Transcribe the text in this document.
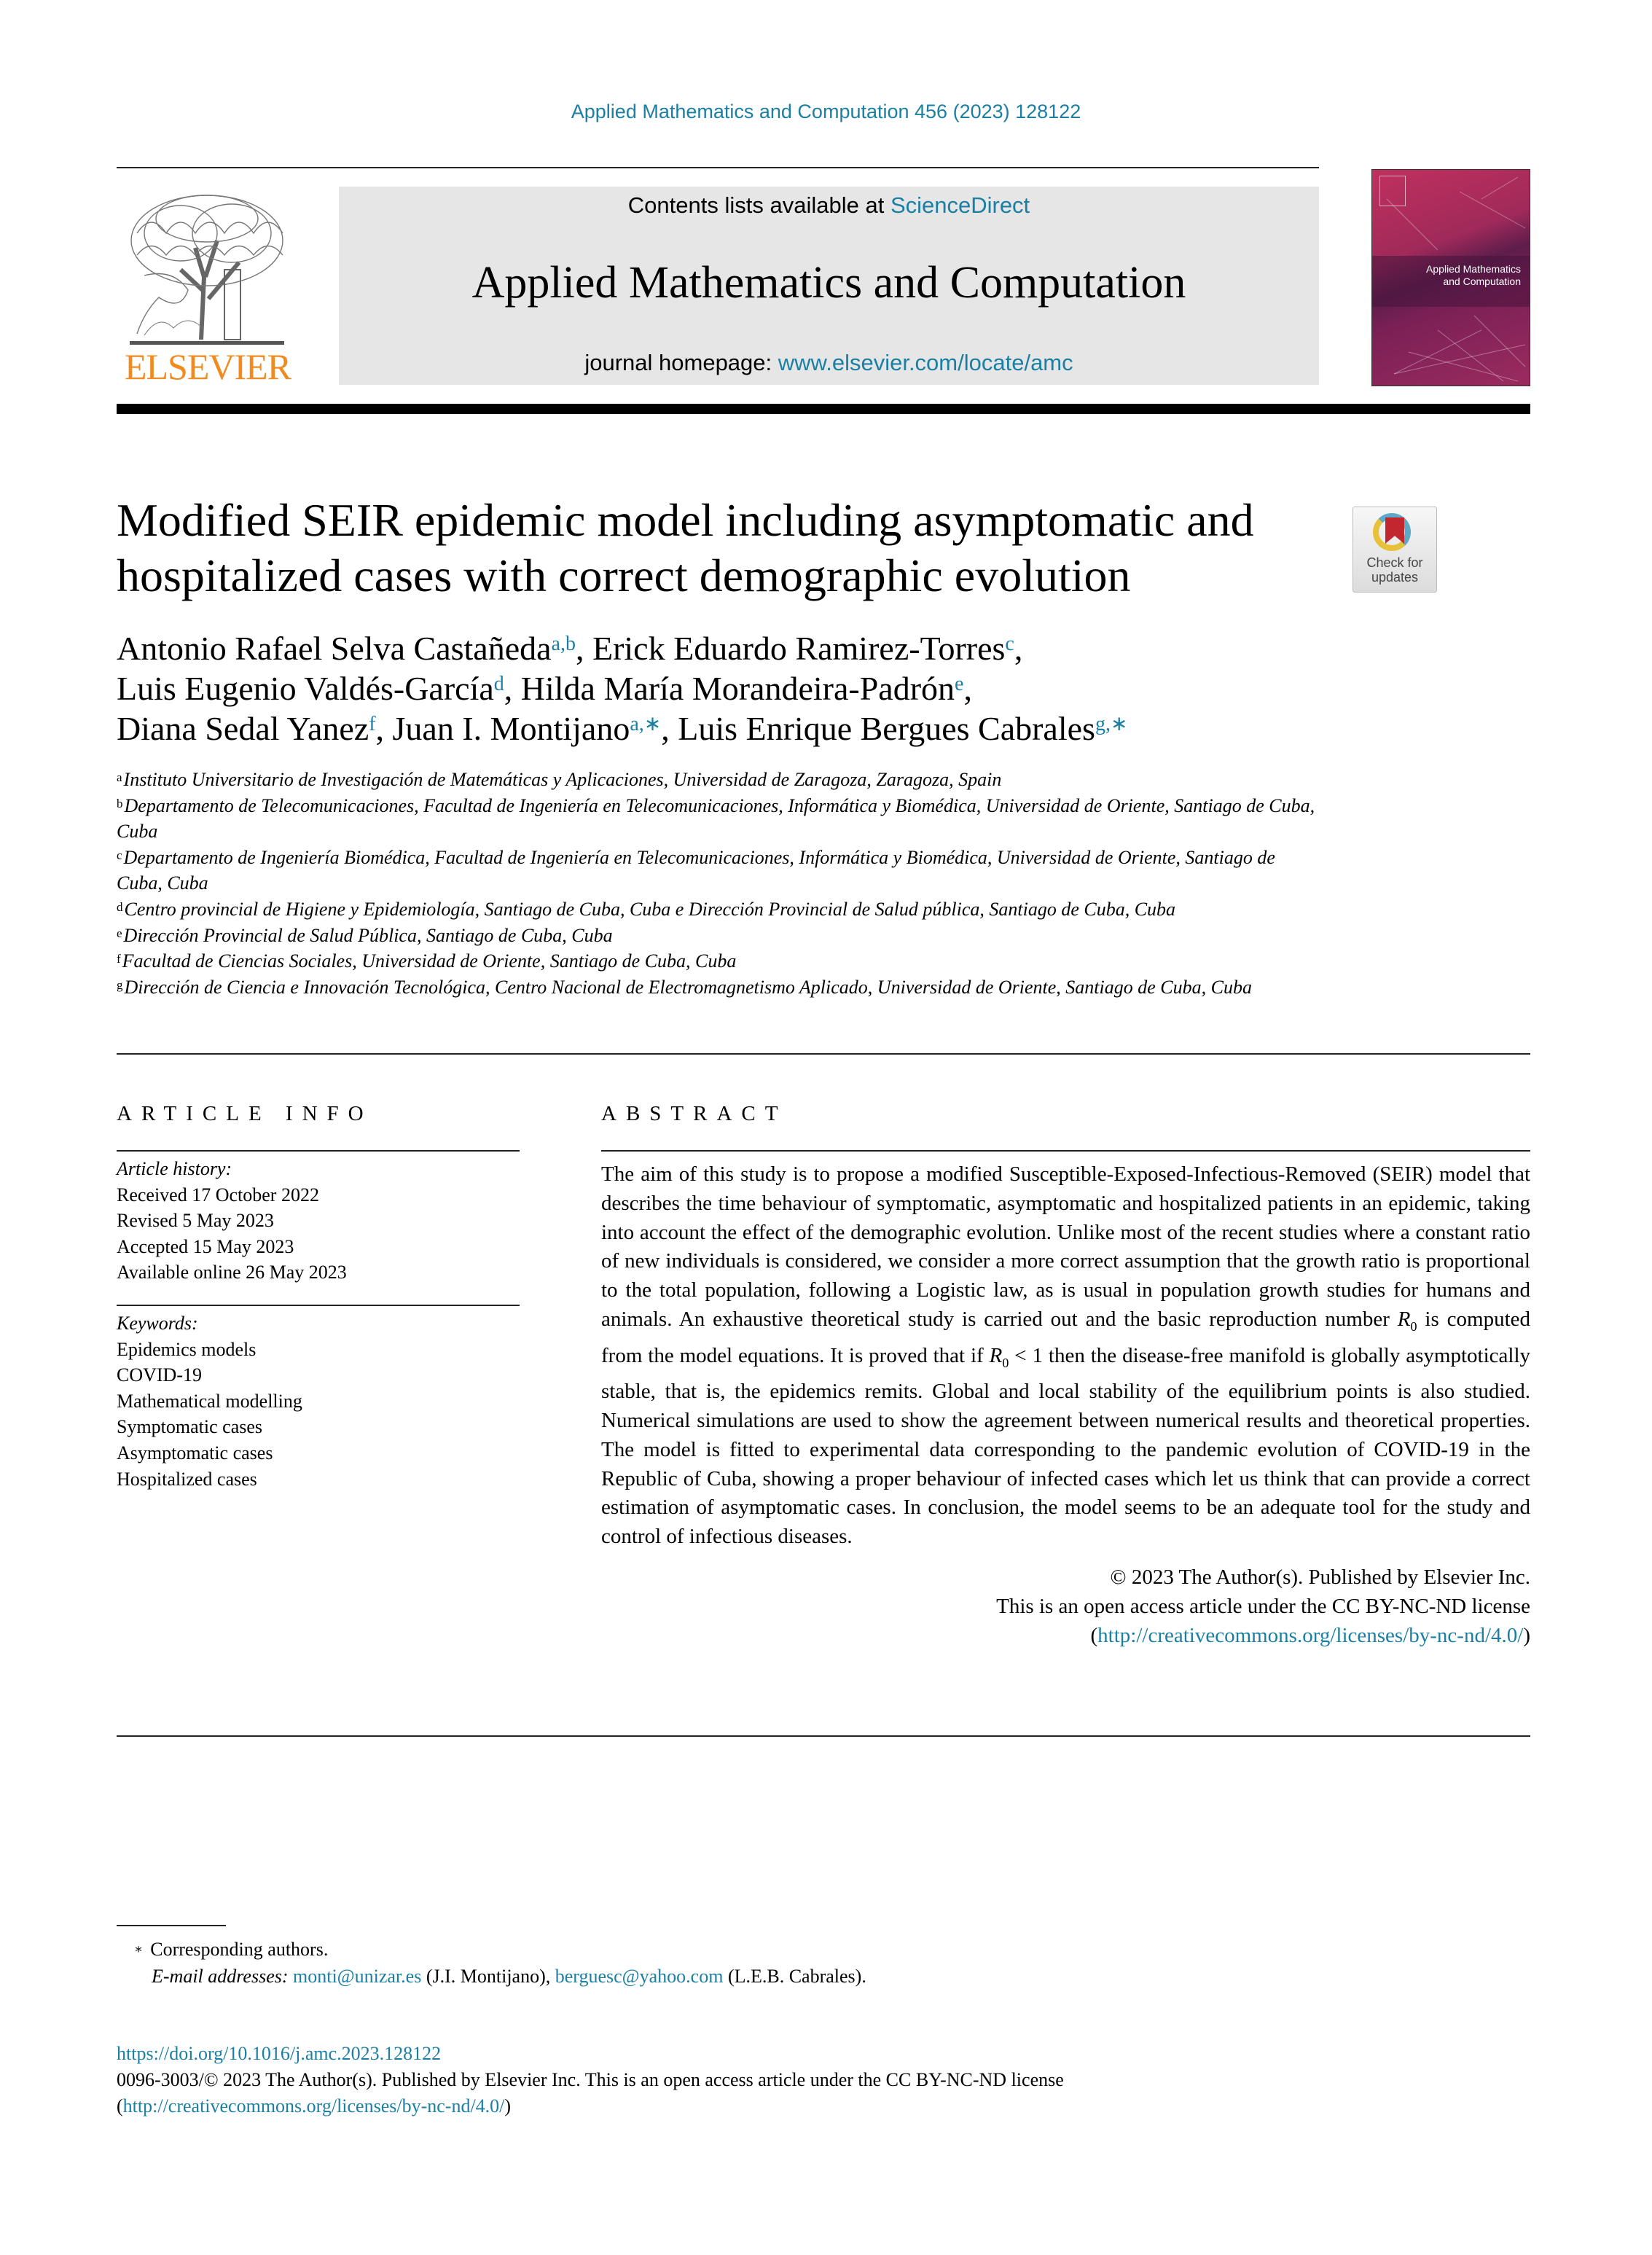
Applied Mathematics and Computation 456 (2023) 128122
ELSEVIER
Contents lists available at ScienceDirect
Applied Mathematics and Computation
journal homepage: www.elsevier.com/locate/amc
Applied Mathematics
and Computation
Modified SEIR epidemic model including asymptomatic and
hospitalized cases with correct demographic evolution	Check for
updates
Antonio Rafael Selva Castañeda$^{a,b}$, Erick Eduardo Ramirez-Torres$^c$,
Luis Eugenio Valdés-García$^d$, Hilda María Morandeira-Padrón$^e$,
Diana Sedal Yanez$^f$, Juan I. Montijano$^{a,∗}$, Luis Enrique Bergues Cabrales$^{g,∗}$
$^a$Instituto Universitario de Investigación de Matemáticas y Aplicaciones, Universidad de Zaragoza, Zaragoza, Spain
$^b$Departamento de Telecomunicaciones, Facultad de Ingeniería en Telecomunicaciones, Informática y Biomédica, Universidad de Oriente, Santiago de Cuba, Cuba
$^c$Departamento de Ingeniería Biomédica, Facultad de Ingeniería en Telecomunicaciones, Informática y Biomédica, Universidad de Oriente, Santiago de Cuba, Cuba
$^d$Centro provincial de Higiene y Epidemiología, Santiago de Cuba, Cuba e Dirección Provincial de Salud pública, Santiago de Cuba, Cuba
$^e$Dirección Provincial de Salud Pública, Santiago de Cuba, Cuba
$^f$Facultad de Ciencias Sociales, Universidad de Oriente, Santiago de Cuba, Cuba
$^g$Dirección de Ciencia e Innovación Tecnológica, Centro Nacional de Electromagnetismo Aplicado, Universidad de Oriente, Santiago de Cuba, Cuba
ARTICLE INFO	ABSTRACT
Article history:
Received 17 October 2022
Revised 5 May 2023
Accepted 15 May 2023
Available online 26 May 2023
Keywords:
Epidemics models
COVID-19
Mathematical modelling
Symptomatic cases
Asymptomatic cases
Hospitalized cases
The aim of this study is to propose a modified Susceptible-Exposed-Infectious-Removed (SEIR) model that describes the time behaviour of symptomatic, asymptomatic and hospitalized patients in an epidemic, taking into account the effect of the demographic evolution. Unlike most of the recent studies where a constant ratio of new individuals is considered, we consider a more correct assumption that the growth ratio is proportional to the total population, following a Logistic law, as is usual in population growth studies for humans and animals. An exhaustive theoretical study is carried out and the basic reproduction number $R_0$ is computed from the model equations. It is proved that if $R_0 < 1$ then the disease-free manifold is globally asymptotically stable, that is, the epidemics remits. Global and local stability of the equilibrium points is also studied. Numerical simulations are used to show the agreement between numerical results and theoretical properties. The model is fitted to experimental data corresponding to the pandemic evolution of COVID-19 in the Republic of Cuba, showing a proper behaviour of infected cases which let us think that can provide a correct estimation of asymptomatic cases. In conclusion, the model seems to be an adequate tool for the study and control of infectious diseases.
© 2023 The Author(s). Published by Elsevier Inc.
This is an open access article under the CC BY-NC-ND license
(http://creativecommons.org/licenses/by-nc-nd/4.0/)
∗ Corresponding authors.
E-mail addresses: monti@unizar.es (J.I. Montijano), berguesc@yahoo.com (L.E.B. Cabrales).
https://doi.org/10.1016/j.amc.2023.128122
0096-3003/© 2023 The Author(s). Published by Elsevier Inc. This is an open access article under the CC BY-NC-ND license
(http://creativecommons.org/licenses/by-nc-nd/4.0/)
